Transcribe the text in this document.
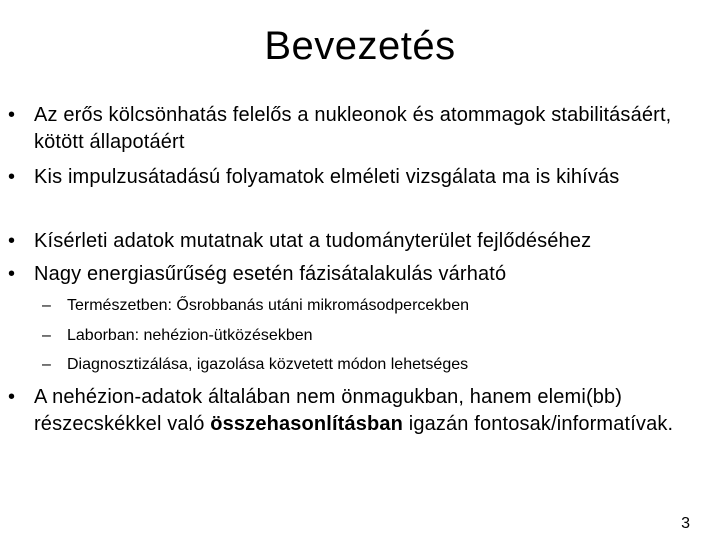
Bevezetés
• Az erős kölcsönhatás felelős a nukleonok és atommagok stabilitásáért, kötött állapotáért
• Kis impulzusátadású folyamatok elméleti vizsgálata ma is kihívás
• Kísérleti adatok mutatnak utat a tudományterület fejlődéséhez
• Nagy energiasűrűség esetén fázisátalakulás várható
– Természetben: Ősrobbanás utáni mikromásodpercekben
– Laborban: nehézion-ütközésekben
– Diagnosztizálása, igazolása közvetett módon lehetséges
• A nehézion-adatok általában nem önmagukban, hanem elemi(bb) részecskékkel való összehasonlításban igazán fontosak/informatívak.
3
